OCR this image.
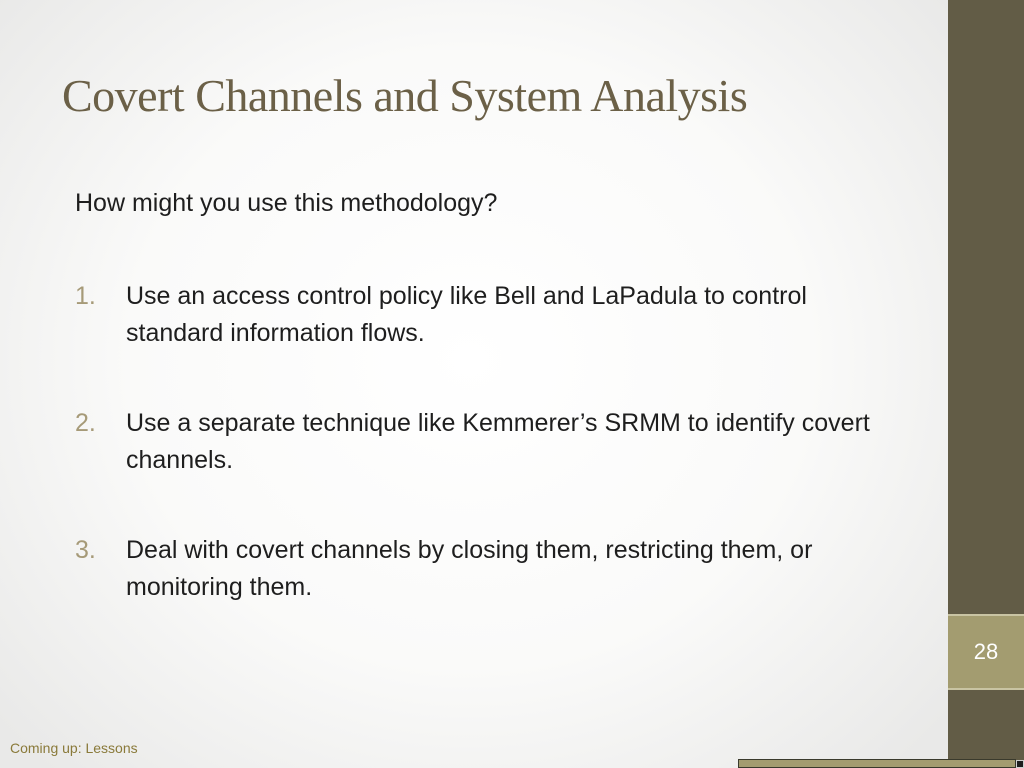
Covert Channels and System Analysis
How might you use this methodology?
1. Use an access control policy like Bell and LaPadula to control standard information flows.
2. Use a separate technique like Kemmerer’s SRMM to identify covert channels.
3. Deal with covert channels by closing them, restricting them, or monitoring them.
28
Coming up: Lessons
